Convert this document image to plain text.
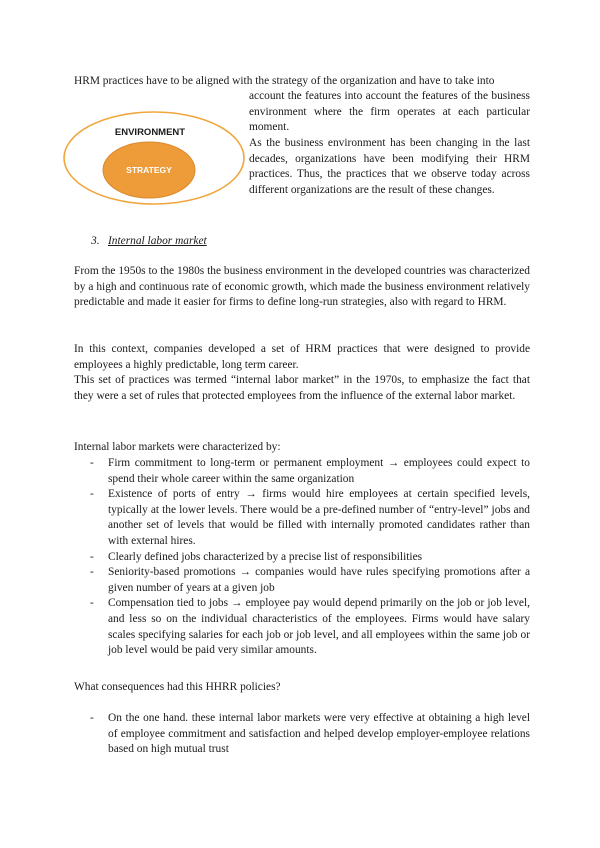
HRM practices have to be aligned with the strategy of the organization and have to take into

account the features into account the features of the business environment where the firm operates at each particular moment.

ENVIRONMENT
STRATEGY

As the business environment has been changing in the last decades, organizations have been modifying their HRM practices. Thus, the practices that we observe today across different organizations are the result of these changes.

3. Internal labor market

From the 1950s to the 1980s the business environment in the developed countries was characterized by a high and continuous rate of economic growth, which made the business environment relatively predictable and made it easier for firms to define long-run strategies, also with regard to HRM.

In this context, companies developed a set of HRM practices that were designed to provide employees a highly predictable, long term career.

This set of practices was termed “internal labor market” in the 1970s, to emphasize the fact that they were a set of rules that protected employees from the influence of the external labor market.

Internal labor markets were characterized by:

- Firm commitment to long-term or permanent employment → employees could expect to spend their whole career within the same organization
- Existence of ports of entry → firms would hire employees at certain specified levels, typically at the lower levels. There would be a pre-defined number of “entry-level” jobs and another set of levels that would be filled with internally promoted candidates rather than with external hires.
- Clearly defined jobs characterized by a precise list of responsibilities
- Seniority-based promotions → companies would have rules specifying promotions after a given number of years at a given job
- Compensation tied to jobs → employee pay would depend primarily on the job or job level, and less so on the individual characteristics of the employees. Firms would have salary scales specifying salaries for each job or job level, and all employees within the same job or job level would be paid very similar amounts.

What consequences had this HHRR policies?

- On the one hand. these internal labor markets were very effective at obtaining a high level of employee commitment and satisfaction and helped develop employer-employee relations based on high mutual trust
